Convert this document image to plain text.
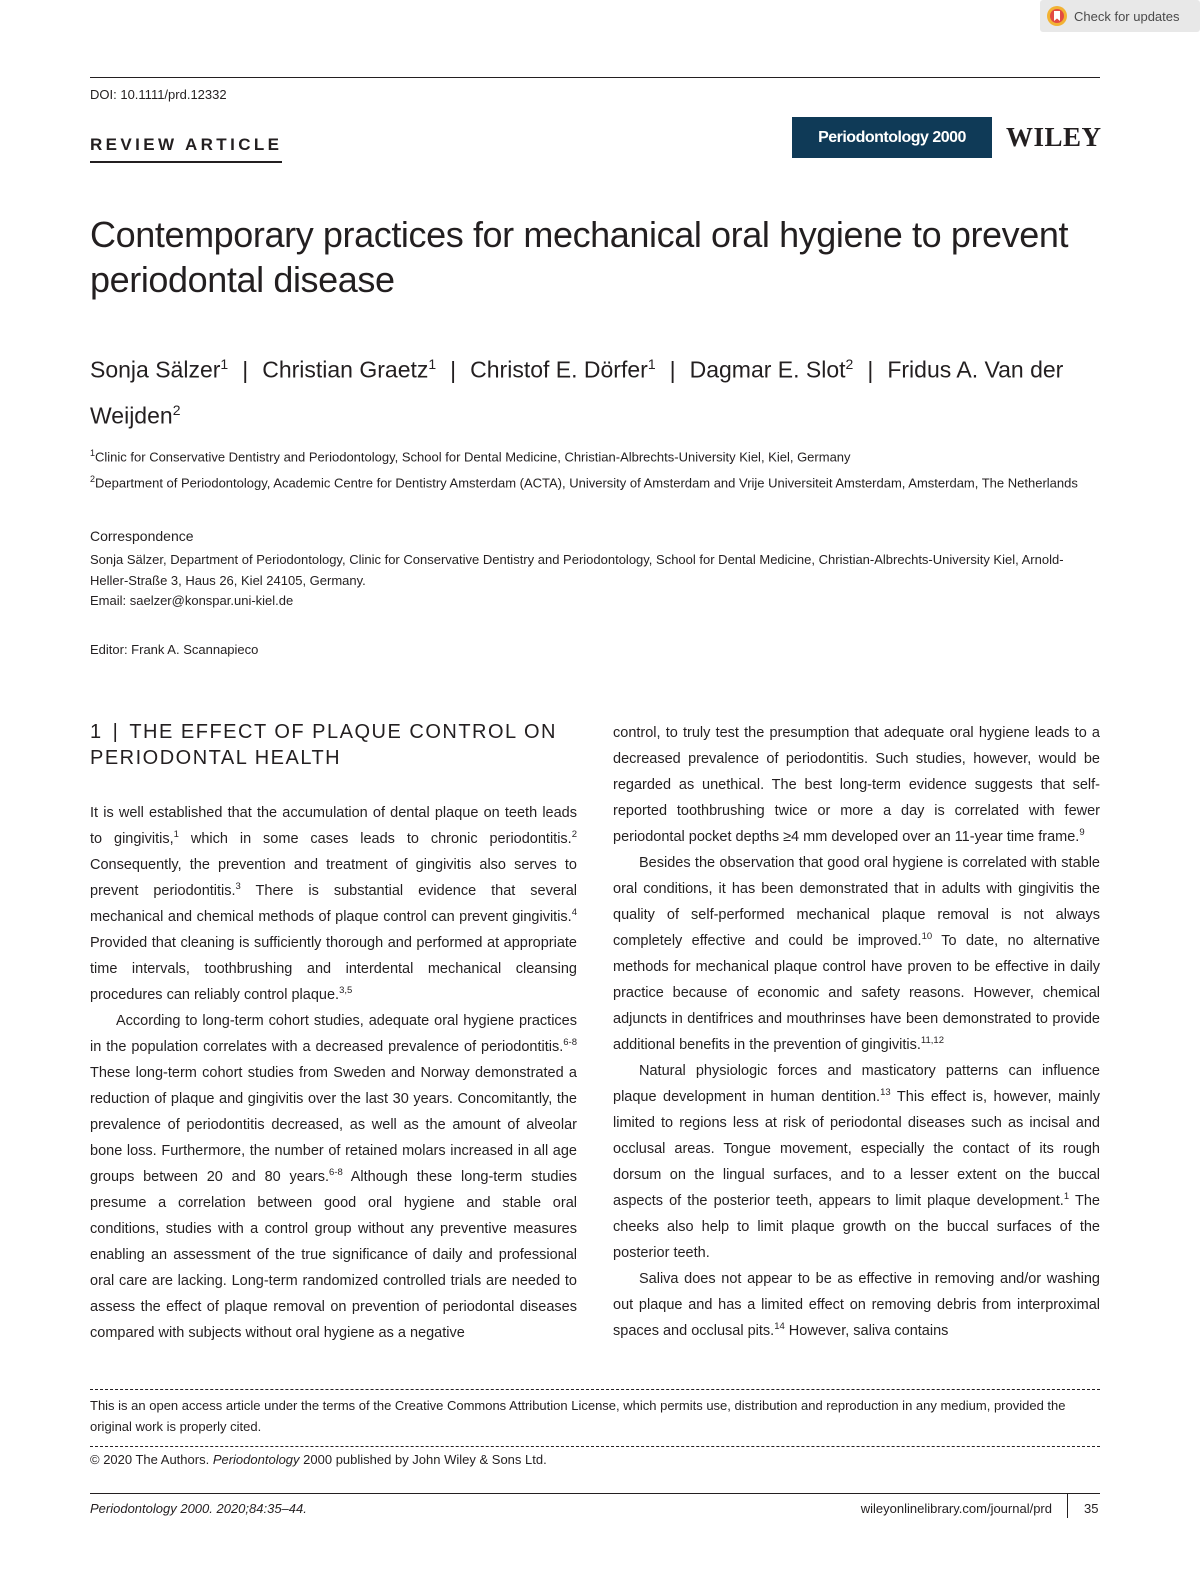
Check for updates
DOI: 10.1111/prd.12332
REVIEW ARTICLE	Periodontology 2000	WILEY
Contemporary practices for mechanical oral hygiene to prevent periodontal disease
Sonja Sälzer$^1$ | Christian Graetz$^1$ | Christof E. Dörfer$^1$ | Dagmar E. Slot$^2$ | Fridus A. Van der Weijden$^2$
$^1$Clinic for Conservative Dentistry and Periodontology, School for Dental Medicine, Christian-Albrechts-University Kiel, Kiel, Germany
$^2$Department of Periodontology, Academic Centre for Dentistry Amsterdam (ACTA), University of Amsterdam and Vrije Universiteit Amsterdam, Amsterdam, The Netherlands
Correspondence
Sonja Sälzer, Department of Periodontology, Clinic for Conservative Dentistry and Periodontology, School for Dental Medicine, Christian-Albrechts-University Kiel, Arnold-Heller-Straße 3, Haus 26, Kiel 24105, Germany.
Email: saelzer@konspar.uni-kiel.de
Editor: Frank A. Scannapieco
1 | THE EFFECT OF PLAQUE CONTROL ON PERIODONTAL HEALTH

It is well established that the accumulation of dental plaque on teeth leads to gingivitis,$^1$ which in some cases leads to chronic periodontitis.$^2$ Consequently, the prevention and treatment of gingivitis also serves to prevent periodontitis.$^3$ There is substantial evidence that several mechanical and chemical methods of plaque control can prevent gingivitis.$^4$ Provided that cleaning is sufficiently thorough and performed at appropriate time intervals, toothbrushing and interdental mechanical cleansing procedures can reliably control plaque.$^{3,5}$

According to long-term cohort studies, adequate oral hygiene practices in the population correlates with a decreased prevalence of periodontitis.$^{6-8}$ These long-term cohort studies from Sweden and Norway demonstrated a reduction of plaque and gingivitis over the last 30 years. Concomitantly, the prevalence of periodontitis decreased, as well as the amount of alveolar bone loss. Furthermore, the number of retained molars increased in all age groups between 20 and 80 years.$^{6-8}$ Although these long-term studies presume a correlation between good oral hygiene and stable oral conditions, studies with a control group without any preventive measures enabling an assessment of the true significance of daily and professional oral care are lacking. Long-term randomized controlled trials are needed to assess the effect of plaque removal on prevention of periodontal diseases compared with subjects without oral hygiene as a negative

control, to truly test the presumption that adequate oral hygiene leads to a decreased prevalence of periodontitis. Such studies, however, would be regarded as unethical. The best long-term evidence suggests that self-reported toothbrushing twice or more a day is correlated with fewer periodontal pocket depths ≥4 mm developed over an 11-year time frame.$^9$

Besides the observation that good oral hygiene is correlated with stable oral conditions, it has been demonstrated that in adults with gingivitis the quality of self-performed mechanical plaque removal is not always completely effective and could be improved.$^{10}$ To date, no alternative methods for mechanical plaque control have proven to be effective in daily practice because of economic and safety reasons. However, chemical adjuncts in dentifrices and mouthrinses have been demonstrated to provide additional benefits in the prevention of gingivitis.$^{11,12}$

Natural physiologic forces and masticatory patterns can influence plaque development in human dentition.$^{13}$ This effect is, however, mainly limited to regions less at risk of periodontal diseases such as incisal and occlusal areas. Tongue movement, especially the contact of its rough dorsum on the lingual surfaces, and to a lesser extent on the buccal aspects of the posterior teeth, appears to limit plaque development.$^1$ The cheeks also help to limit plaque growth on the buccal surfaces of the posterior teeth.

Saliva does not appear to be as effective in removing and/or washing out plaque and has a limited effect on removing debris from interproximal spaces and occlusal pits.$^{14}$ However, saliva contains

This is an open access article under the terms of the Creative Commons Attribution License, which permits use, distribution and reproduction in any medium, provided the original work is properly cited.
© 2020 The Authors. Periodontology 2000 published by John Wiley & Sons Ltd.
Periodontology 2000. 2020;84:35–44.	wileyonlinelibrary.com/journal/prd 35
